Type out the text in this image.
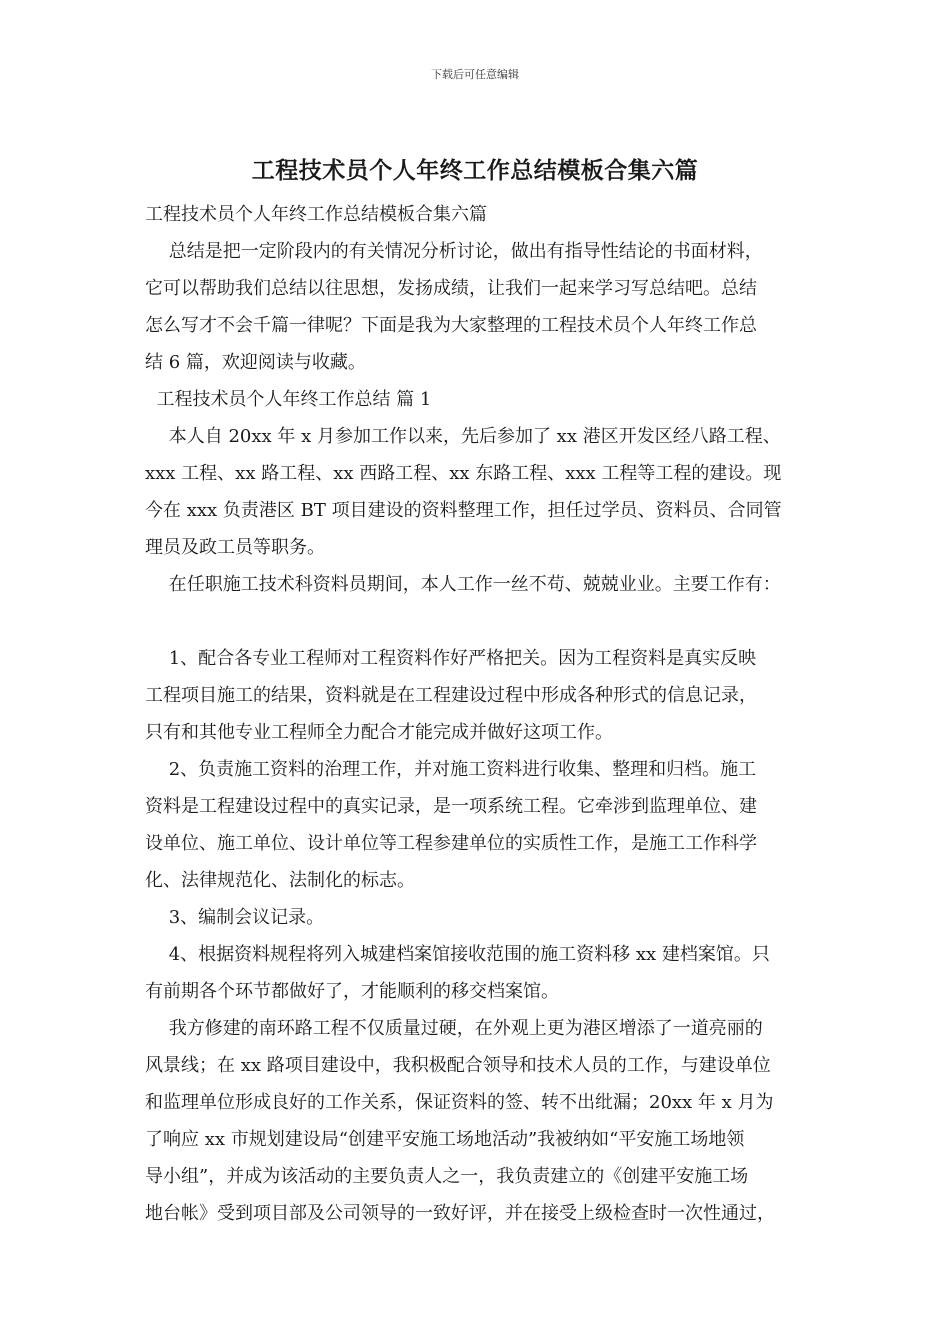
下载后可任意编辑
工程技术员个人年终工作总结模板合集六篇
工程技术员个人年终工作总结模板合集六篇
　 总结是把一定阶段内的有关情况分析讨论，做出有指导性结论的书面材料，
它可以帮助我们总结以往思想，发扬成绩，让我们一起来学习写总结吧。总结
怎么写才不会千篇一律呢？下面是我为大家整理的工程技术员个人年终工作总
结 6 篇，欢迎阅读与收藏。
工程技术员个人年终工作总结 篇 1
　 本人自 20xx 年 x 月参加工作以来，先后参加了 xx 港区开发区经八路工程、
xxx 工程、xx 路工程、xx 西路工程、xx 东路工程、xxx 工程等工程的建设。现
今在 xxx 负责港区 BT 项目建设的资料整理工作，担任过学员、资料员、合同管
理员及政工员等职务。
　 在任职施工技术科资料员期间，本人工作一丝不苟、兢兢业业。主要工作有：
　 1、配合各专业工程师对工程资料作好严格把关。因为工程资料是真实反映
工程项目施工的结果，资料就是在工程建设过程中形成各种形式的信息记录，
只有和其他专业工程师全力配合才能完成并做好这项工作。
　 2、负责施工资料的治理工作，并对施工资料进行收集、整理和归档。施工
资料是工程建设过程中的真实记录，是一项系统工程。它牵涉到监理单位、建
设单位、施工单位、设计单位等工程参建单位的实质性工作，是施工工作科学
化、法律规范化、法制化的标志。
　 3、编制会议记录。
　 4、根据资料规程将列入城建档案馆接收范围的施工资料移 xx 建档案馆。只
有前期各个环节都做好了，才能顺利的移交档案馆。
　 我方修建的南环路工程不仅质量过硬，在外观上更为港区增添了一道亮丽的
风景线；在 xx 路项目建设中，我积极配合领导和技术人员的工作，与建设单位
和监理单位形成良好的工作关系，保证资料的签、转不出纰漏；20xx 年 x 月为
了响应 xx 市规划建设局“创建平安施工场地活动”我被纳如“平安施工场地领
导小组”，并成为该活动的主要负责人之一，我负责建立的《创建平安施工场
地台帐》受到项目部及公司领导的一致好评，并在接受上级检查时一次性通过，
